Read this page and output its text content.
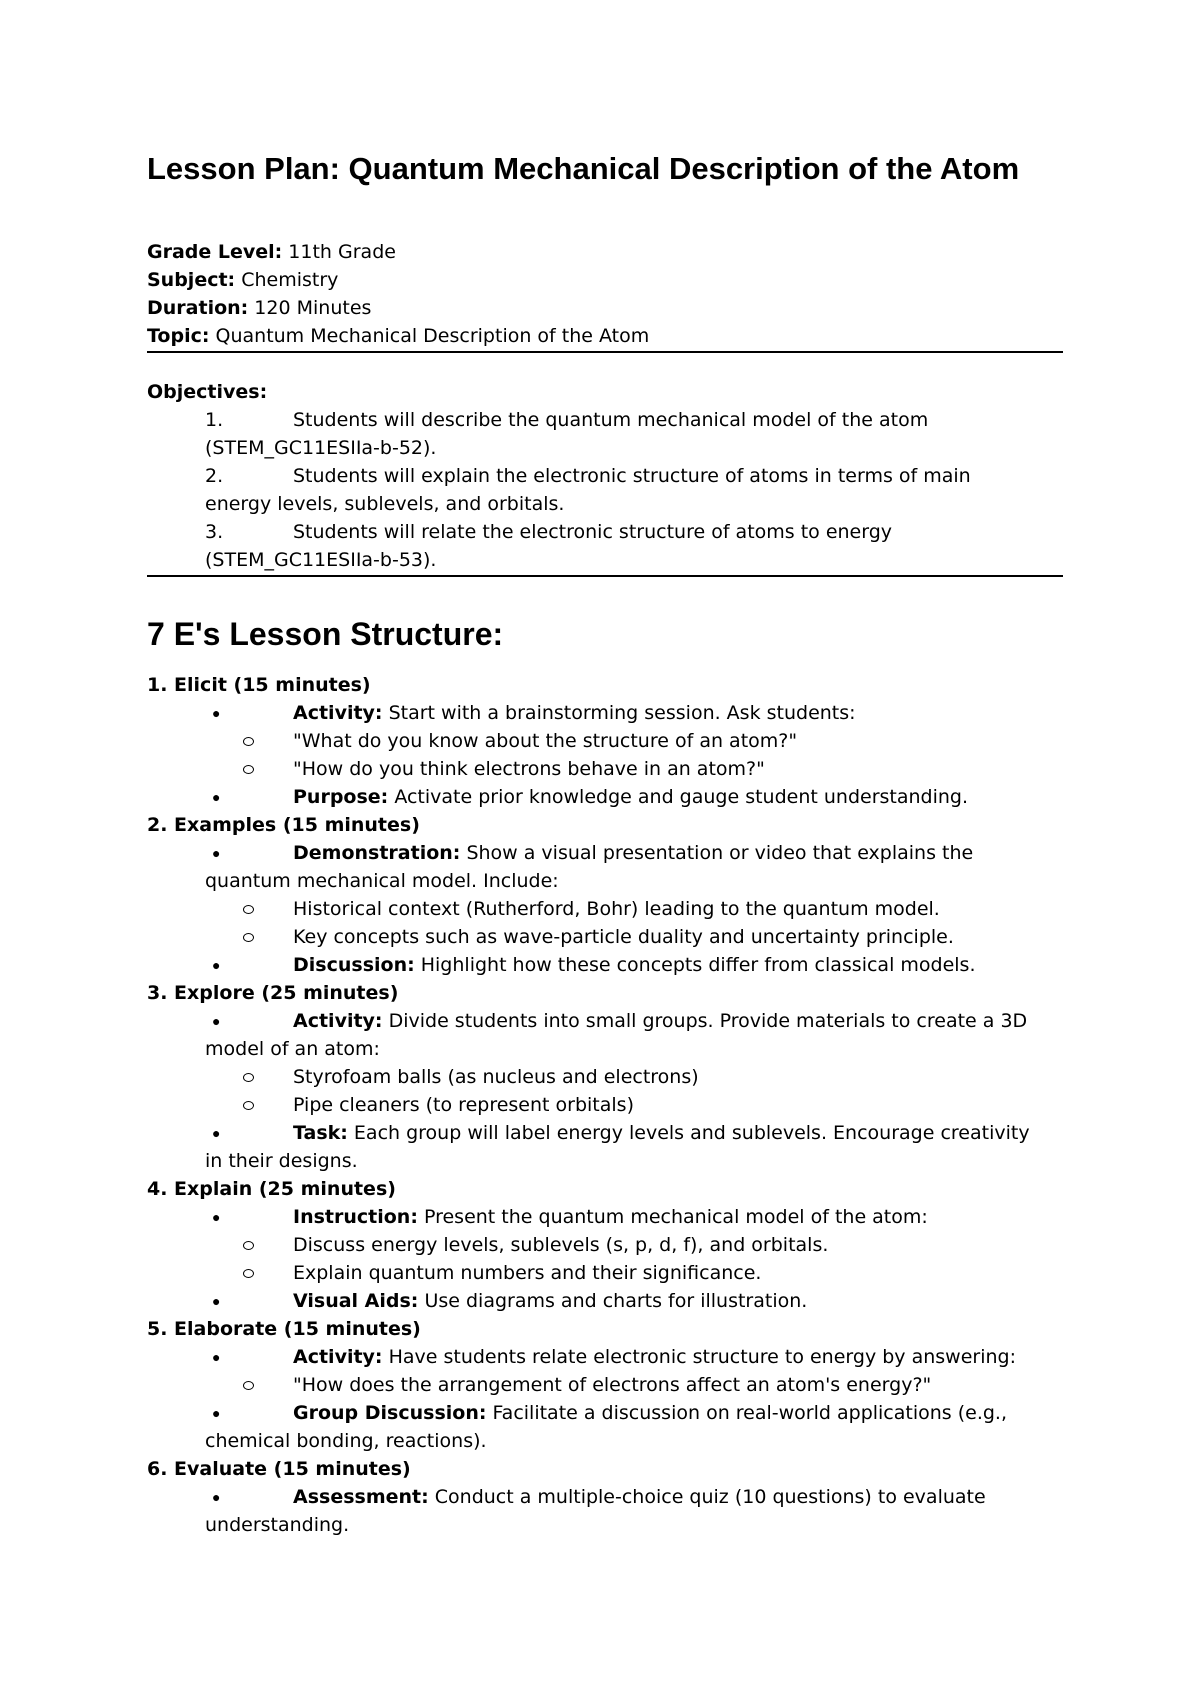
Lesson Plan: Quantum Mechanical Description of the Atom
Grade Level: 11th Grade
Subject: Chemistry
Duration: 120 Minutes
Topic: Quantum Mechanical Description of the Atom
Objectives:
1.	Students will describe the quantum mechanical model of the atom
(STEM_GC11ESIIa-b-52).
2.	Students will explain the electronic structure of atoms in terms of main
energy levels, sublevels, and orbitals.
3.	Students will relate the electronic structure of atoms to energy
(STEM_GC11ESIIa-b-53).
7 E's Lesson Structure:
1. Elicit (15 minutes)
●	Activity: Start with a brainstorming session. Ask students:
"What do you know about the structure of an atom?"
"How do you think electrons behave in an atom?"
●	Purpose: Activate prior knowledge and gauge student understanding.
2. Examples (15 minutes)
●	Demonstration: Show a visual presentation or video that explains the
quantum mechanical model. Include:
Historical context (Rutherford, Bohr) leading to the quantum model.
Key concepts such as wave-particle duality and uncertainty principle.
●	Discussion: Highlight how these concepts differ from classical models.
3. Explore (25 minutes)
●	Activity: Divide students into small groups. Provide materials to create a 3D
model of an atom:
Styrofoam balls (as nucleus and electrons)
Pipe cleaners (to represent orbitals)
●	Task: Each group will label energy levels and sublevels. Encourage creativity
in their designs.
4. Explain (25 minutes)
●	Instruction: Present the quantum mechanical model of the atom:
Discuss energy levels, sublevels (s, p, d, f), and orbitals.
Explain quantum numbers and their significance.
●	Visual Aids: Use diagrams and charts for illustration.
5. Elaborate (15 minutes)
●	Activity: Have students relate electronic structure to energy by answering:
"How does the arrangement of electrons affect an atom's energy?"
●	Group Discussion: Facilitate a discussion on real-world applications (e.g.,
chemical bonding, reactions).
6. Evaluate (15 minutes)
●	Assessment: Conduct a multiple-choice quiz (10 questions) to evaluate
understanding.
